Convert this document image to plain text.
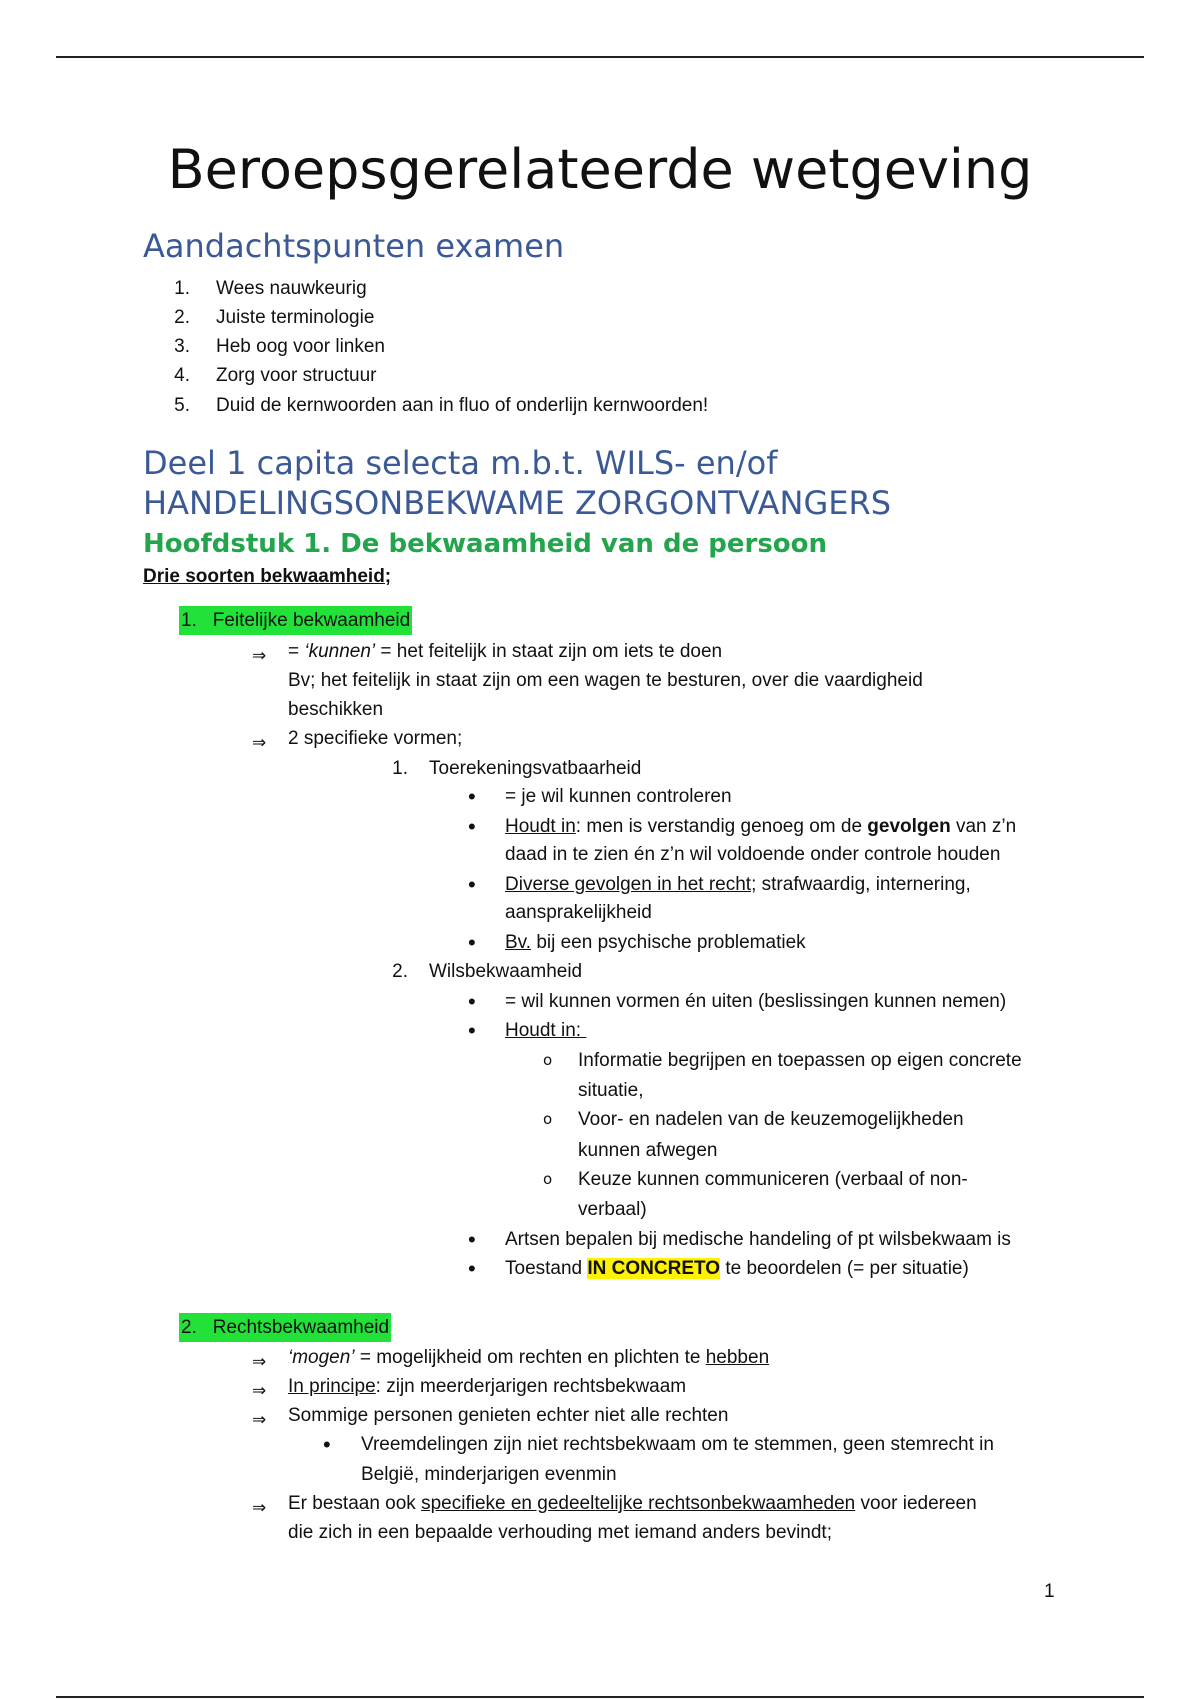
Beroepsgerelateerde wetgeving
Aandachtspunten examen
1. Wees nauwkeurig
2. Juiste terminologie
3. Heb oog voor linken
4. Zorg voor structuur
5. Duid de kernwoorden aan in fluo of onderlijn kernwoorden!
Deel 1 capita selecta m.b.t. WILS- en/of
HANDELINGSONBEKWAME ZORGONTVANGERS
Hoofdstuk 1. De bekwaamheid van de persoon
Drie soorten bekwaamheid;
1. Feitelijke bekwaamheid
⇒ = ‘kunnen’ = het feitelijk in staat zijn om iets te doen
Bv; het feitelijk in staat zijn om een wagen te besturen, over die vaardigheid
beschikken
⇒ 2 specifieke vormen;
1. Toerekeningsvatbaarheid
• = je wil kunnen controleren
• Houdt in: men is verstandig genoeg om de gevolgen van z’n
daad in te zien én z’n wil voldoende onder controle houden
• Diverse gevolgen in het recht; strafwaardig, internering,
aansprakelijkheid
• Bv. bij een psychische problematiek
2. Wilsbekwaamheid
• = wil kunnen vormen én uiten (beslissingen kunnen nemen)
• Houdt in:
o Informatie begrijpen en toepassen op eigen concrete
situatie,
o Voor- en nadelen van de keuzemogelijkheden
kunnen afwegen
o Keuze kunnen communiceren (verbaal of non-
verbaal)
• Artsen bepalen bij medische handeling of pt wilsbekwaam is
• Toestand IN CONCRETO te beoordelen (= per situatie)
2. Rechtsbekwaamheid
⇒ ‘mogen’ = mogelijkheid om rechten en plichten te hebben
⇒ In principe: zijn meerderjarigen rechtsbekwaam
⇒ Sommige personen genieten echter niet alle rechten
• Vreemdelingen zijn niet rechtsbekwaam om te stemmen, geen stemrecht in
België, minderjarigen evenmin
⇒ Er bestaan ook specifieke en gedeeltelijke rechtsonbekwaamheden voor iedereen
die zich in een bepaalde verhouding met iemand anders bevindt;
1
